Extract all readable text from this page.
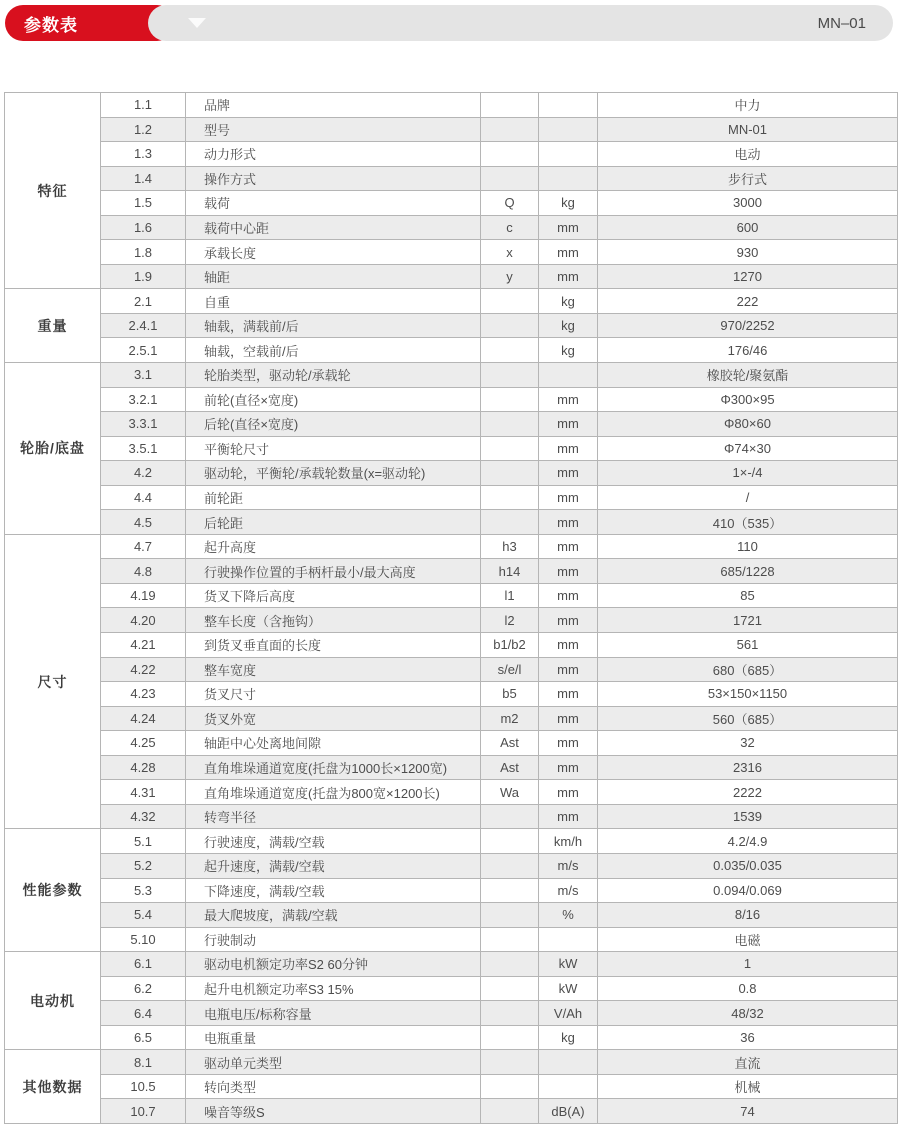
参数表	MN–01
特征	1.1	品牌			中力
	1.2	型号			MN-01
	1.3	动力形式			电动
	1.4	操作方式			步行式
	1.5	载荷	Q	kg	3000
	1.6	载荷中心距	c	mm	600
	1.8	承载长度	x	mm	930
	1.9	轴距	y	mm	1270
重量	2.1	自重		kg	222
	2.4.1	轴载，满载前/后		kg	970/2252
	2.5.1	轴载，空载前/后		kg	176/46
轮胎/底盘	3.1	轮胎类型，驱动轮/承载轮			橡胶轮/聚氨酯
	3.2.1	前轮(直径×宽度)		mm	Φ300×95
	3.3.1	后轮(直径×宽度)		mm	Φ80×60
	3.5.1	平衡轮尺寸		mm	Φ74×30
	4.2	驱动轮，平衡轮/承载轮数量(x=驱动轮)		mm	1×-/4
	4.4	前轮距		mm	/
	4.5	后轮距		mm	410（535）
尺寸	4.7	起升高度	h3	mm	110
	4.8	行驶操作位置的手柄杆最小/最大高度	h14	mm	685/1228
	4.19	货叉下降后高度	l1	mm	85
	4.20	整车长度（含拖钩）	l2	mm	1721
	4.21	到货叉垂直面的长度	b1/b2	mm	561
	4.22	整车宽度	s/e/l	mm	680（685）
	4.23	货叉尺寸	b5	mm	53×150×1150
	4.24	货叉外宽	m2	mm	560（685）
	4.25	轴距中心处离地间隙	Ast	mm	32
	4.28	直角堆垛通道宽度(托盘为1000长×1200宽)	Ast	mm	2316
	4.31	直角堆垛通道宽度(托盘为800宽×1200长)	Wa	mm	2222
	4.32	转弯半径		mm	1539
性能参数	5.1	行驶速度，满载/空载		km/h	4.2/4.9
	5.2	起升速度，满载/空载		m/s	0.035/0.035
	5.3	下降速度，满载/空载		m/s	0.094/0.069
	5.4	最大爬坡度，满载/空载		%	8/16
	5.10	行驶制动			电磁
电动机	6.1	驱动电机额定功率S2 60分钟		kW	1
	6.2	起升电机额定功率S3 15%		kW	0.8
	6.4	电瓶电压/标称容量		V/Ah	48/32
	6.5	电瓶重量		kg	36
其他数据	8.1	驱动单元类型			直流
	10.5	转向类型			机械
	10.7	噪音等级S		dB(A)	74
